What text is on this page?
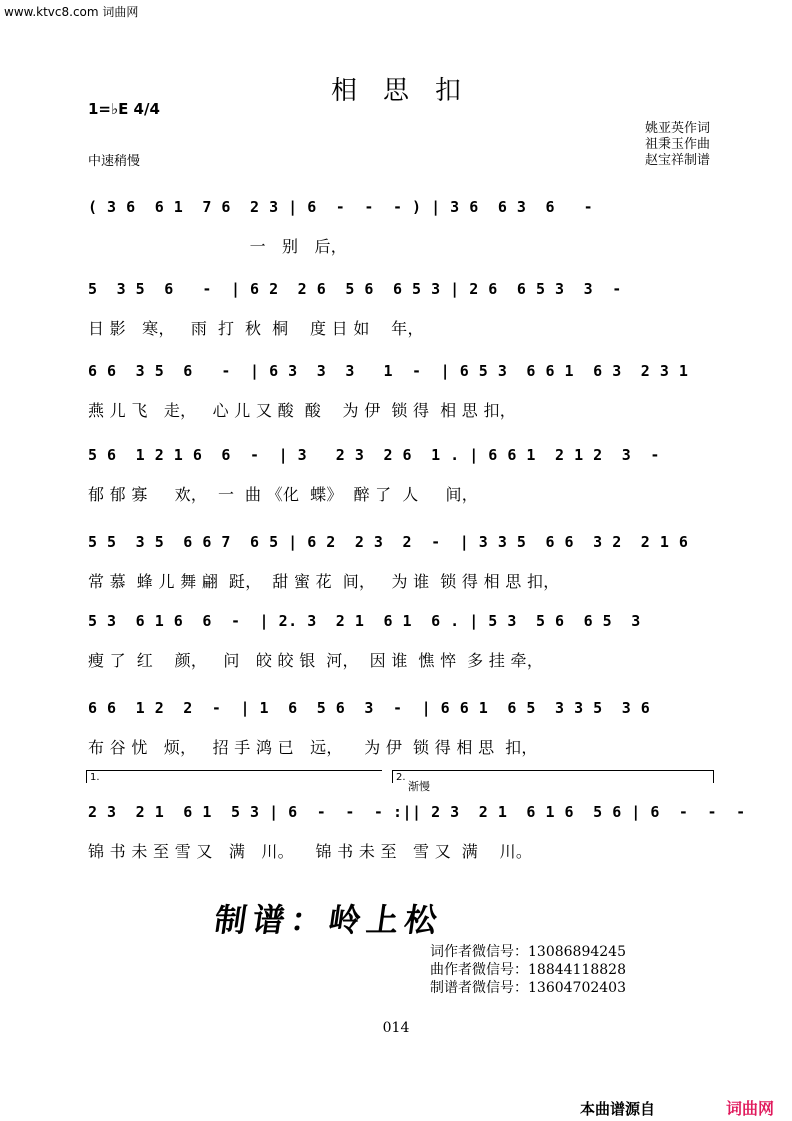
www.ktvc8.com 词曲网
相　思　扣
1=♭E 4/4
中速稍慢
姚亚英作词
祖秉玉作曲
赵宝祥制谱
( 3 6  6 1  7 6  2 3 | 6  -  -  - ) | 3 6  6 3  6   -
一   别   后，
5  3 5  6   -  | 6 2  2 6  5 6  6 5 3 | 2 6  6 5 3  3  -
日 影   寒，   雨  打  秋  桐    度 日 如    年，
6 6  3 5  6   -  | 6 3  3  3   1  -  | 6 5 3  6 6 1  6 3  2 3 1
燕 儿 飞   走，   心 儿 又 酸  酸    为 伊  锁 得  相 思 扣，
5 6  1 2 1 6  6  -  | 3   2 3  2 6  1 . | 6 6 1  2 1 2  3  -
郁 郁 寡     欢，  一  曲 《化  蝶》  醉 了  人     间，
5 5  3 5  6 6 7  6 5 | 6 2  2 3  2  -  | 3 3 5  6 6  3 2  2 1 6
常 慕  蜂 儿 舞 翩  跹，  甜 蜜 花  间，   为 谁  锁 得 相 思 扣，
5 3  6 1 6  6  -  | 2. 3  2 1  6 1  6 . | 5 3  5 6  6 5  3
瘦 了  红    颜，   问   皎 皎 银  河，  因 谁  憔 悴  多 挂 牵，
6 6  1 2  2  -  | 1  6  5 6  3  -  | 6 6 1  6 5  3 3 5  3 6
布 谷 忧   烦，   招 手 鸿 已   远，    为 伊  锁 得 相 思  扣，
1.	2.
渐慢
2 3  2 1  6 1  5 3 | 6  -  -  - :|| 2 3  2 1  6 1 6  5 6 | 6  -  -  -
锦 书 未 至 雪 又   满   川。    锦 书 未 至   雪 又  满    川。
制谱：岭上松
词作者微信号：13086894245
曲作者微信号：18844118828
制谱者微信号：13604702403
014
本曲谱源自	词曲网
